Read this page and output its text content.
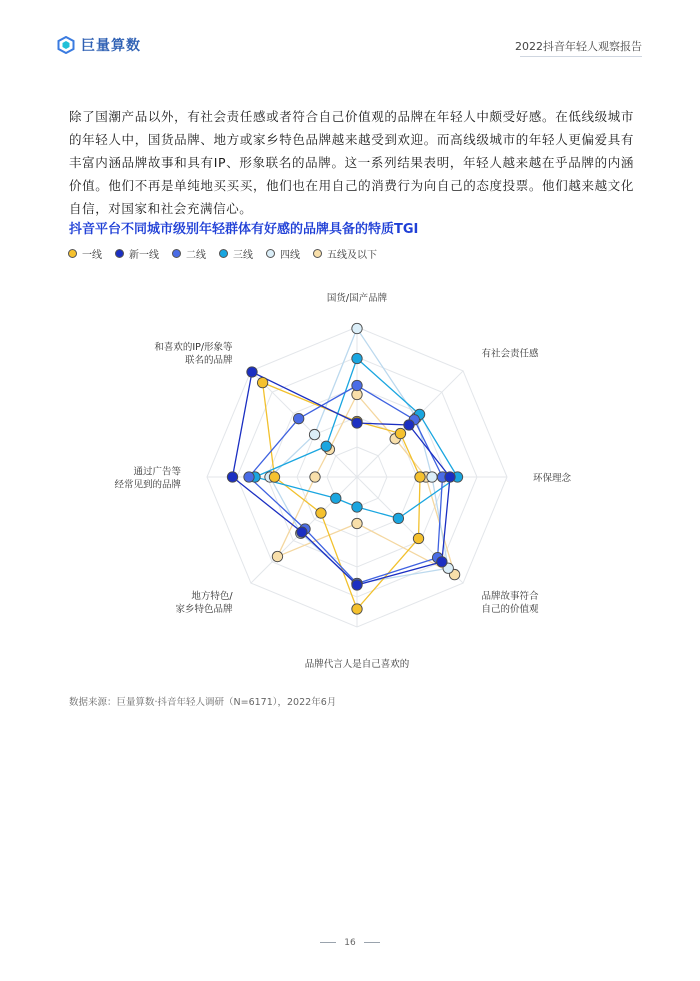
巨量算数	2022抖音年轻人观察报告

除了国潮产品以外，有社会责任感或者符合自己价值观的品牌在年轻人中颇受好感。在低线级城市的年轻人中，国货品牌、地方或家乡特色品牌越来越受到欢迎。而高线级城市的年轻人更偏爱具有丰富内涵品牌故事和具有IP、形象联名的品牌。这一系列结果表明，年轻人越来越在乎品牌的内涵价值。他们不再是单纯地买买买，他们也在用自己的消费行为向自己的态度投票。他们越来越文化自信，对国家和社会充满信心。

抖音平台不同城市级别年轻群体有好感的品牌具备的特质TGI

一线	新一线	二线	三线	四线	五线及以下
国货/国产品牌
有社会责任感
环保理念
品牌故事符合
自己的价值观
品牌代言人是自己喜欢的
地方特色/
家乡特色品牌
通过广告等
经常见到的品牌
和喜欢的IP/形象等
联名的品牌

数据来源：巨量算数·抖音年轻人调研（N=6171），2022年6月

16
